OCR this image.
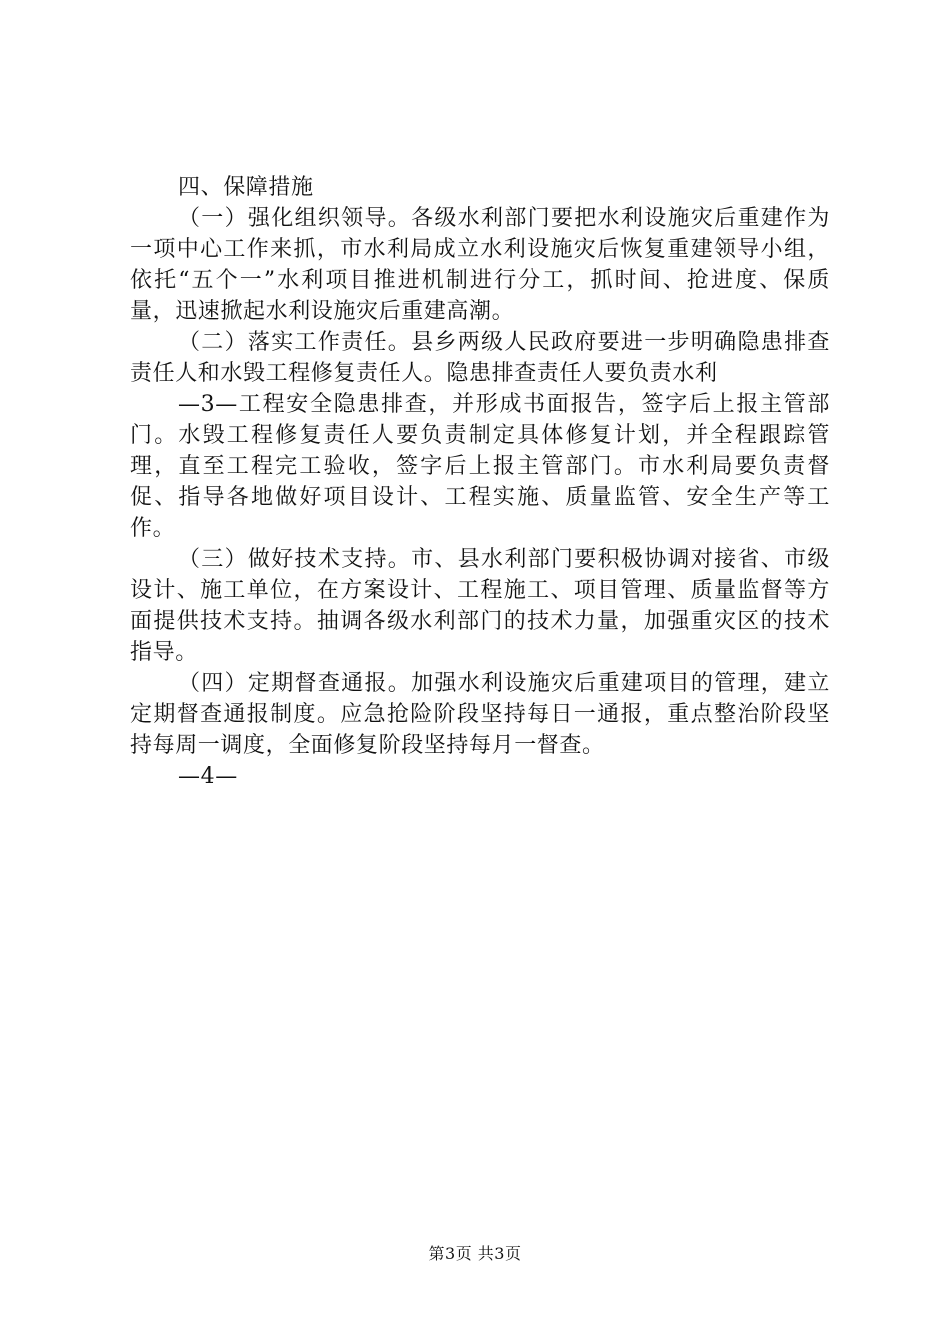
四、保障措施

（一）强化组织领导。各级水利部门要把水利设施灾后重建作为一项中心工作来抓，市水利局成立水利设施灾后恢复重建领导小组，依托“五个一”水利项目推进机制进行分工，抓时间、抢进度、保质量，迅速掀起水利设施灾后重建高潮。

（二）落实工作责任。县乡两级人民政府要进一步明确隐患排查责任人和水毁工程修复责任人。隐患排查责任人要负责水利

—3—工程安全隐患排查，并形成书面报告，签字后上报主管部门。水毁工程修复责任人要负责制定具体修复计划，并全程跟踪管理，直至工程完工验收，签字后上报主管部门。市水利局要负责督促、指导各地做好项目设计、工程实施、质量监管、安全生产等工作。

（三）做好技术支持。市、县水利部门要积极协调对接省、市级设计、施工单位，在方案设计、工程施工、项目管理、质量监督等方面提供技术支持。抽调各级水利部门的技术力量，加强重灾区的技术指导。

（四）定期督查通报。加强水利设施灾后重建项目的管理，建立定期督查通报制度。应急抢险阶段坚持每日一通报，重点整治阶段坚持每周一调度，全面修复阶段坚持每月一督查。

—4—

第3页 共3页
